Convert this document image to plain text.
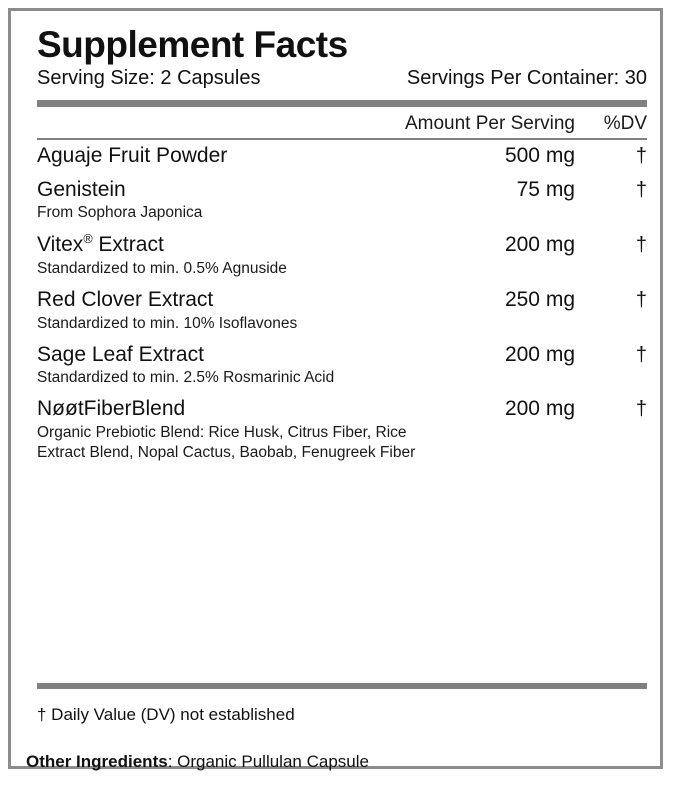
Supplement Facts
Serving Size: 2 Capsules	Servings Per Container: 30
Amount Per Serving	%DV
Aguaje Fruit Powder	500 mg	†
Genistein	75 mg	†
From Sophora Japonica
Vitex® Extract	200 mg	†
Standardized to min. 0.5% Agnuside
Red Clover Extract	250 mg	†
Standardized to min. 10% Isoflavones
Sage Leaf Extract	200 mg	†
Standardized to min. 2.5% Rosmarinic Acid
NøøtFiberBlend	200 mg	†
Organic Prebiotic Blend: Rice Husk, Citrus Fiber, Rice Extract Blend, Nopal Cactus, Baobab, Fenugreek Fiber
† Daily Value (DV) not established
Other Ingredients: Organic Pullulan Capsule
